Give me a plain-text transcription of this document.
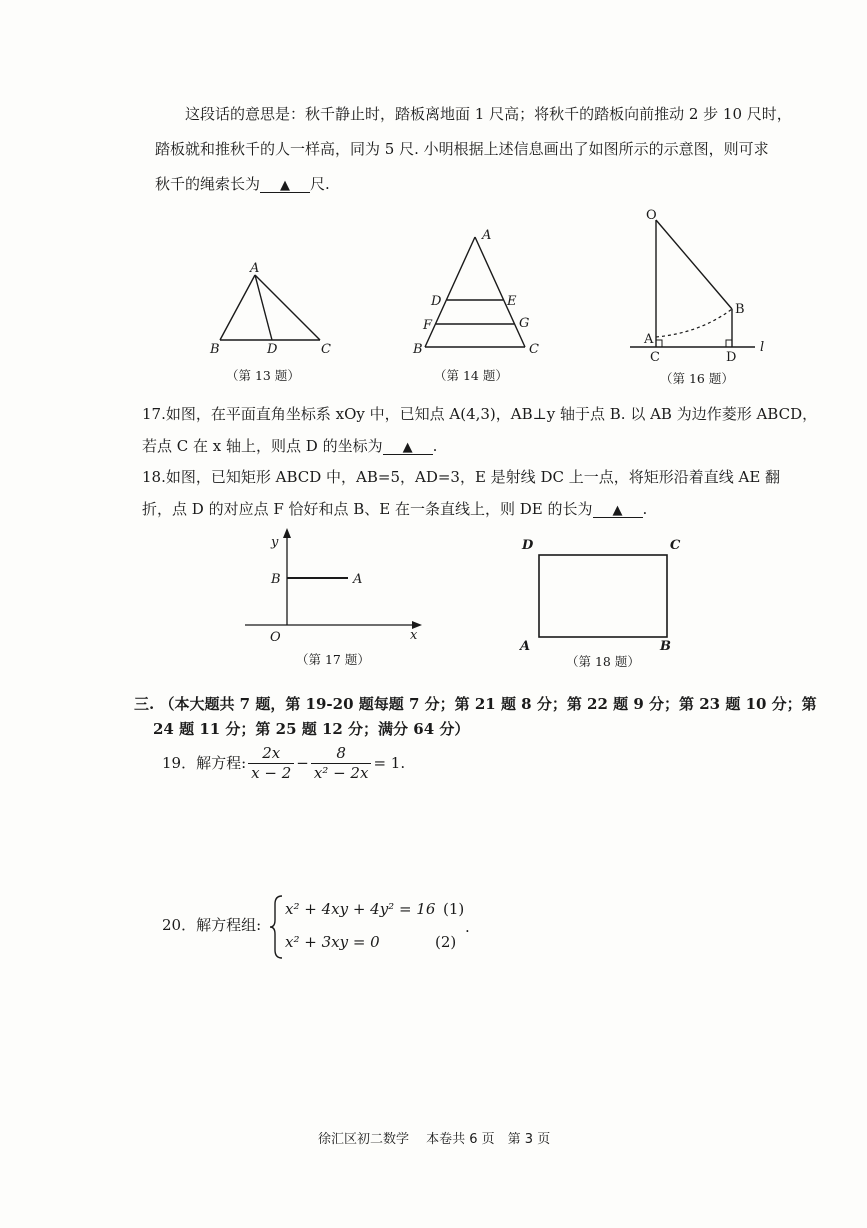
这段话的意思是：秋千静止时，踏板离地面 1 尺高；将秋千的踏板向前推动 2 步 10 尺时，
踏板就和推秋千的人一样高，同为 5 尺. 小明根据上述信息画出了如图所示的示意图，则可求
秋千的绳索长为 ▲ 尺.
A
B	D	C
（第 13 题）
A
D	E
F	G
B	C
（第 14 题）
O
B
A
C	D
l
（第 16 题）
17.如图，在平面直角坐标系 xOy 中，已知点 A(4,3)，AB⊥y 轴于点 B. 以 AB 为边作菱形 ABCD，
若点 C 在 x 轴上，则点 D 的坐标为 ▲ .
18.如图，已知矩形 ABCD 中，AB=5，AD=3，E 是射线 DC 上一点，将矩形沿着直线 AE 翻
折，点 D 的对应点 F 恰好和点 B、E 在一条直线上，则 DE 的长为 ▲ .
y
B	A
O	x
（第 17 题）
D	C
A	B
（第 18 题）
三. （本大题共 7 题，第 19-20 题每题 7 分；第 21 题 8 分；第 22 题 9 分；第 23 题 10 分；第
24 题 11 分；第 25 题 12 分；满分 64 分）
19．解方程: $\frac{2x}{x - 2} - \frac{8}{\text{x² − 2x}} = 1$.
20．解方程组:
x² + 4xy + 4y² = 16 (1)
x² + 3xy = 0	(2)
.
徐汇区初二数学　 本卷共 6 页　第 3 页
